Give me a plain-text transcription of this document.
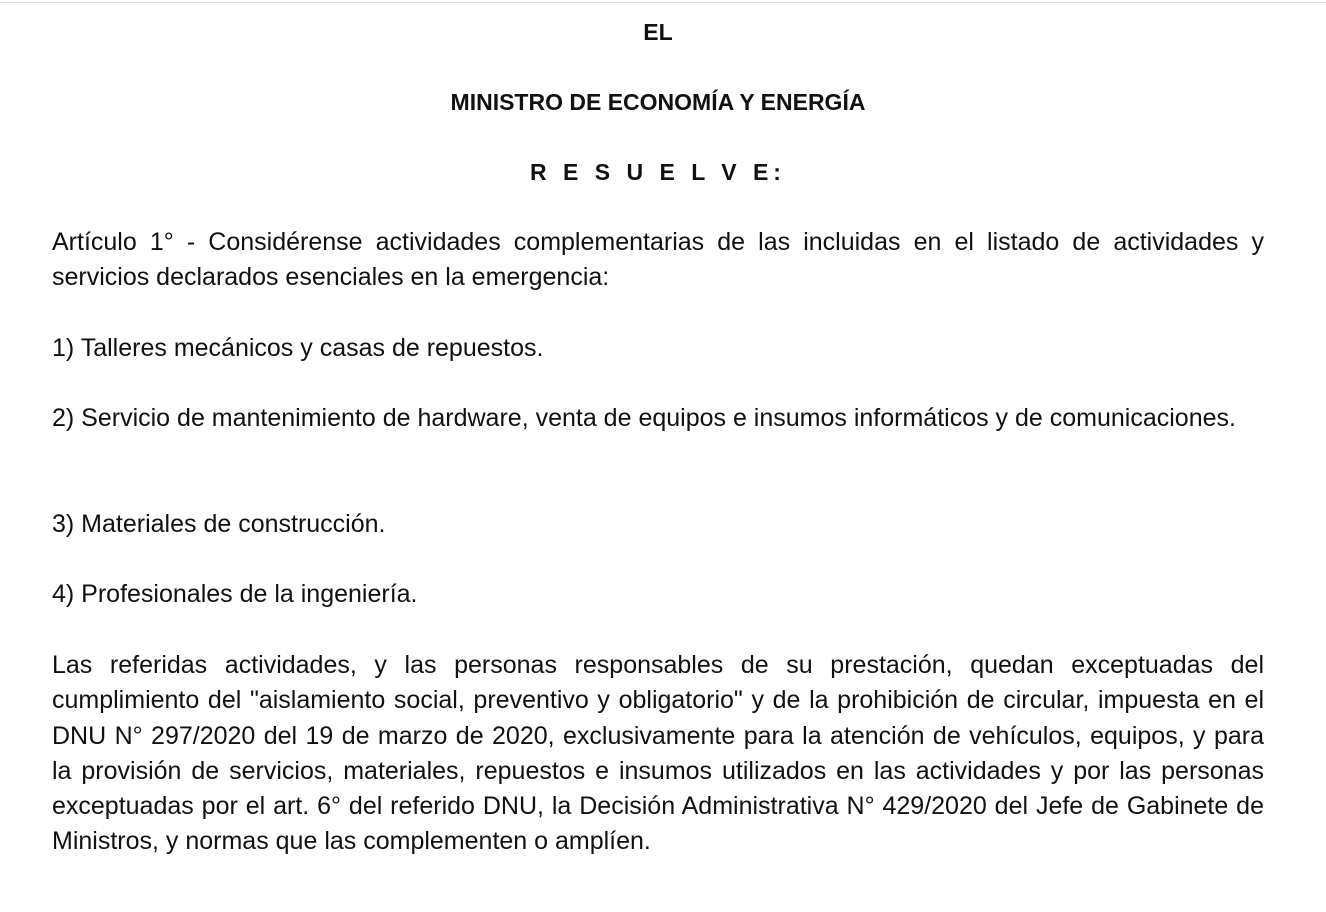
EL

MINISTRO DE ECONOMÍA Y ENERGÍA

R E S U E L V E:

Artículo 1° - Considérense actividades complementarias de las incluidas en el listado de actividades y servicios declarados esenciales en la emergencia:

1) Talleres mecánicos y casas de repuestos.

2) Servicio de mantenimiento de hardware, venta de equipos e insumos informáticos y de comunicaciones.

3) Materiales de construcción.

4) Profesionales de la ingeniería.

Las referidas actividades, y las personas responsables de su prestación, quedan exceptuadas del cumplimiento del "aislamiento social, preventivo y obligatorio" y de la prohibición de circular, impuesta en el DNU N° 297/2020 del 19 de marzo de 2020, exclusivamente para la atención de vehículos, equipos, y para la provisión de servicios, materiales, repuestos e insumos utilizados en las actividades y por las personas exceptuadas por el art. 6° del referido DNU, la Decisión Administrativa N° 429/2020 del Jefe de Gabinete de Ministros, y normas que las complementen o amplíen.
